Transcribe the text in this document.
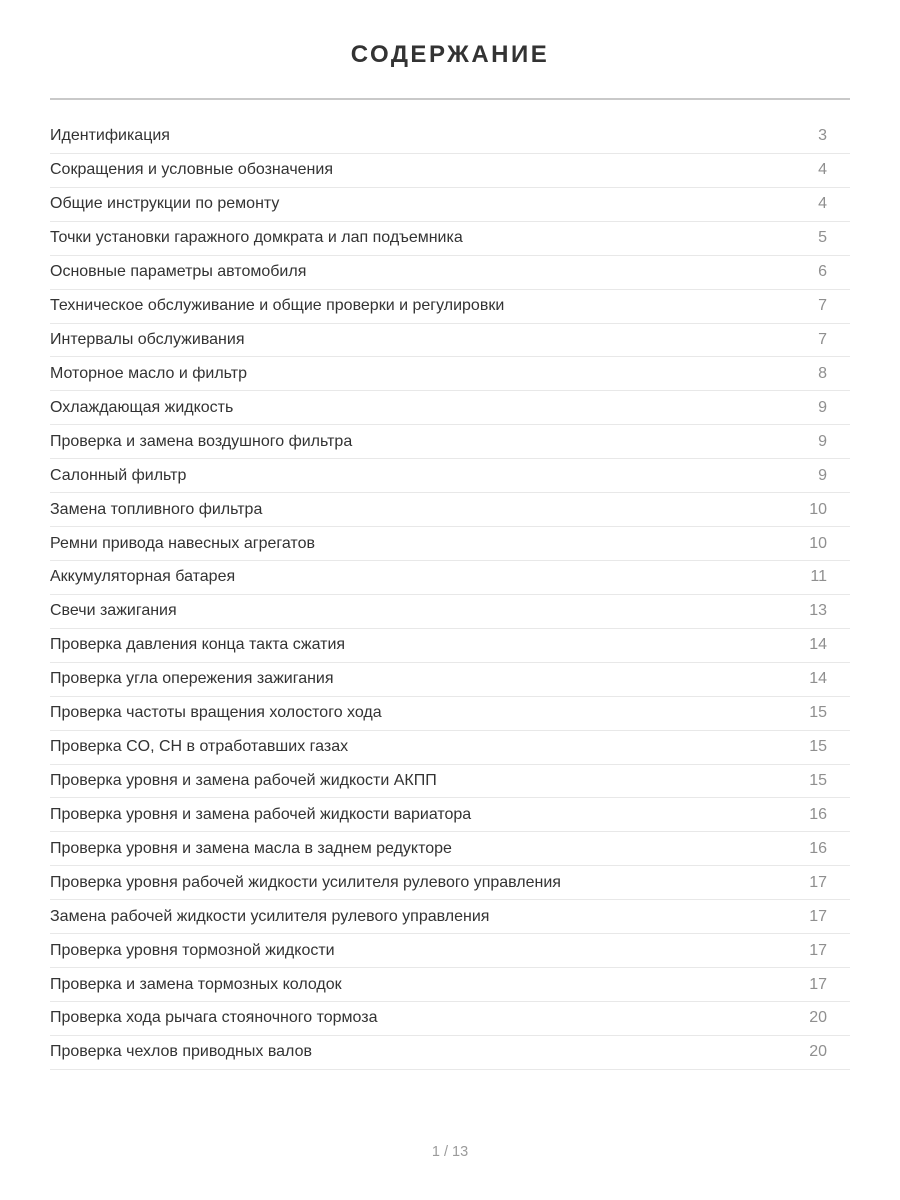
СОДЕРЖАНИЕ
Идентификация	3
Сокращения и условные обозначения	4
Общие инструкции по ремонту	4
Точки установки гаражного домкрата и лап подъемника	5
Основные параметры автомобиля	6
Техническое обслуживание и общие проверки и регулировки	7
Интервалы обслуживания	7
Моторное масло и фильтр	8
Охлаждающая жидкость	9
Проверка и замена воздушного фильтра	9
Салонный фильтр	9
Замена топливного фильтра	10
Ремни привода навесных агрегатов	10
Аккумуляторная батарея	11
Свечи зажигания	13
Проверка давления конца такта сжатия	14
Проверка угла опережения зажигания	14
Проверка частоты вращения холостого хода	15
Проверка CO, CH в отработавших газах	15
Проверка уровня и замена рабочей жидкости АКПП	15
Проверка уровня и замена рабочей жидкости вариатора	16
Проверка уровня и замена масла в заднем редукторе	16
Проверка уровня рабочей жидкости усилителя рулевого управления	17
Замена рабочей жидкости усилителя рулевого управления	17
Проверка уровня тормозной жидкости	17
Проверка и замена тормозных колодок	17
Проверка хода рычага стояночного тормоза	20
Проверка чехлов приводных валов	20
1 / 13
